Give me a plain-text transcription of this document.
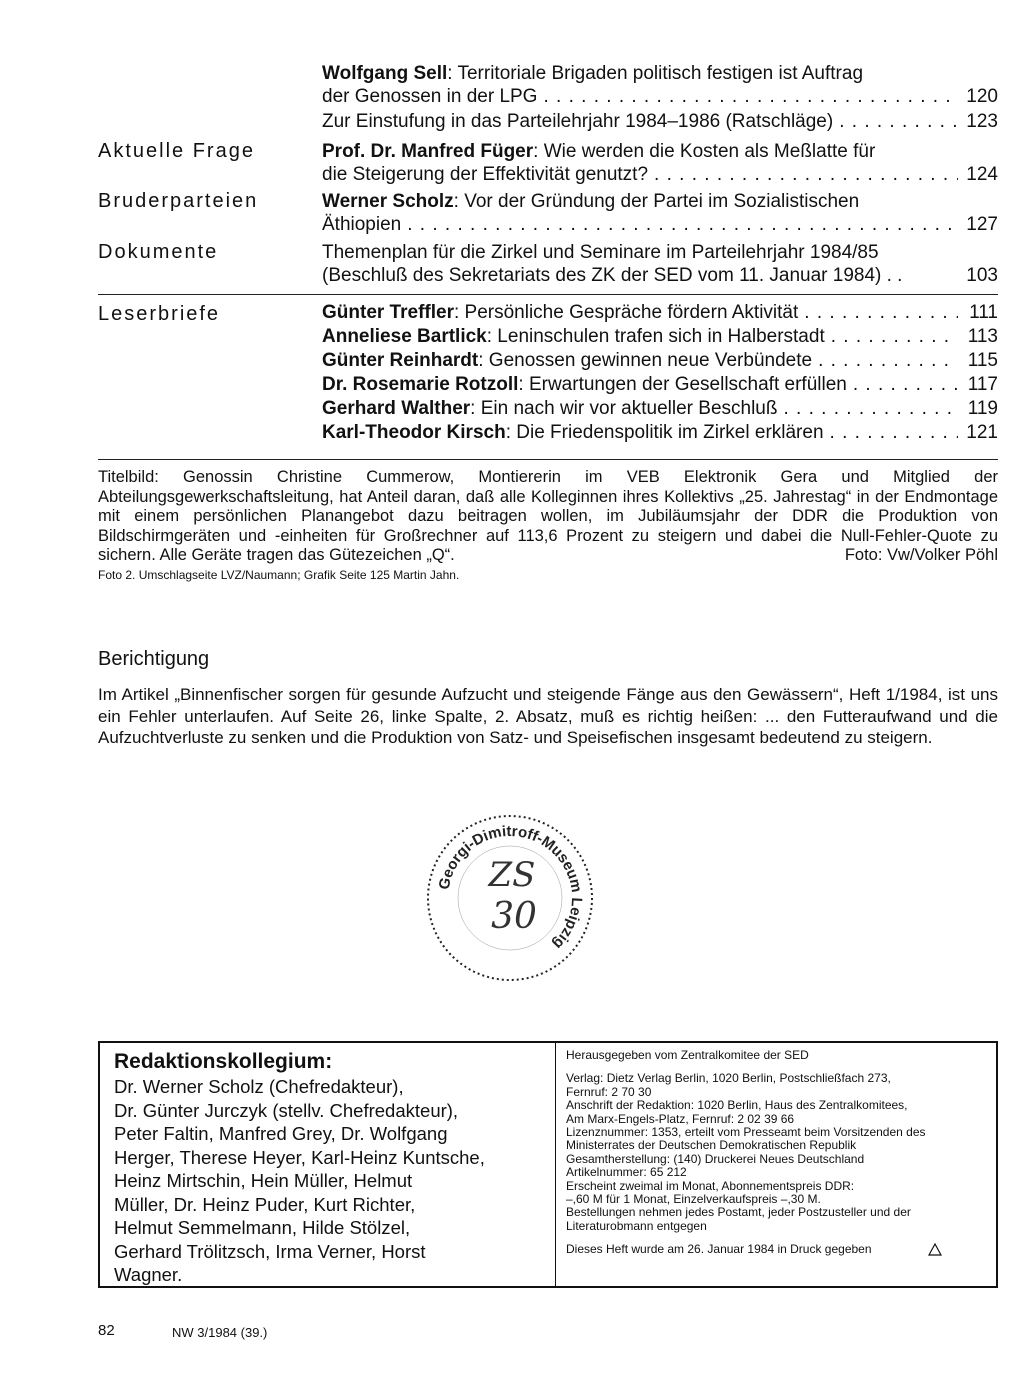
Wolfgang Sell: Territoriale Brigaden politisch festigen ist Auftrag
der Genossen in der LPG . . .	120
Zur Einstufung in das Parteilehrjahr 1984–1986 (Ratschläge) . . .	123
Aktuelle Frage	Prof. Dr. Manfred Füger: Wie werden die Kosten als Meßlatte für
die Steigerung der Effektivität genutzt? . . .	124
Bruderparteien	Werner Scholz: Vor der Gründung der Partei im Sozialistischen
Äthiopien . . .	127
Dokumente	Themenplan für die Zirkel und Seminare im Parteilehrjahr 1984/85
(Beschluß des Sekretariats des ZK der SED vom 11. Januar 1984) . .	103
Leserbriefe	Günter Treffler: Persönliche Gespräche fördern Aktivität . . .	111
Anneliese Bartlick: Leninschulen trafen sich in Halberstadt . . .	113
Günter Reinhardt: Genossen gewinnen neue Verbündete . . .	115
Dr. Rosemarie Rotzoll: Erwartungen der Gesellschaft erfüllen . . .	117
Gerhard Walther: Ein nach wir vor aktueller Beschluß . . .	119
Karl-Theodor Kirsch: Die Friedenspolitik im Zirkel erklären . . .	121
Titelbild: Genossin Christine Cummerow, Montiererin im VEB Elektronik Gera und Mitglied der Abteilungsgewerkschaftsleitung, hat Anteil daran, daß alle Kolleginnen ihres Kollektivs „25. Jahrestag“ in der Endmontage mit einem persönlichen Planangebot dazu beitragen wollen, im Jubiläumsjahr der DDR die Produktion von Bildschirmgeräten und -einheiten für Großrechner auf 113,6 Prozent zu steigern und dabei die Null-Fehler-Quote zu sichern. Alle Geräte tragen das Gütezeichen „Q“.	Foto: Vw/Volker Pöhl
Foto 2. Umschlagseite LVZ/Naumann; Grafik Seite 125 Martin Jahn.
Berichtigung
Im Artikel „Binnenfischer sorgen für gesunde Aufzucht und steigende Fänge aus den Gewässern“, Heft 1/1984, ist uns ein Fehler unterlaufen. Auf Seite 26, linke Spalte, 2. Absatz, muß es richtig heißen: ... den Futteraufwand und die Aufzuchtverluste zu senken und die Produktion von Satz- und Speisefischen insgesamt bedeutend zu steigern.
Georgi-Dimitroff-Museum Leipzig
ZS
30
Redaktionskollegium:
Dr. Werner Scholz (Chefredakteur),
Dr. Günter Jurczyk (stellv. Chefredakteur),
Peter Faltin, Manfred Grey, Dr. Wolfgang
Herger, Therese Heyer, Karl-Heinz Kuntsche,
Heinz Mirtschin, Hein Müller, Helmut
Müller, Dr. Heinz Puder, Kurt Richter,
Helmut Semmelmann, Hilde Stölzel,
Gerhard Trölitzsch, Irma Verner, Horst
Wagner.
Herausgegeben vom Zentralkomitee der SED
Verlag: Dietz Verlag Berlin, 1020 Berlin, Postschließfach 273,
Fernruf: 2 70 30
Anschrift der Redaktion: 1020 Berlin, Haus des Zentralkomitees,
Am Marx-Engels-Platz, Fernruf: 2 02 39 66
Lizenznummer: 1353, erteilt vom Presseamt beim Vorsitzenden des
Ministerrates der Deutschen Demokratischen Republik
Gesamtherstellung: (140) Druckerei Neues Deutschland
Artikelnummer: 65 212
Erscheint zweimal im Monat, Abonnementspreis DDR:
–,60 M für 1 Monat, Einzelverkaufspreis –,30 M.
Bestellungen nehmen jedes Postamt, jeder Postzusteller und der
Literaturobmann entgegen
Dieses Heft wurde am 26. Januar 1984 in Druck gegeben
82	NW 3/1984 (39.)
